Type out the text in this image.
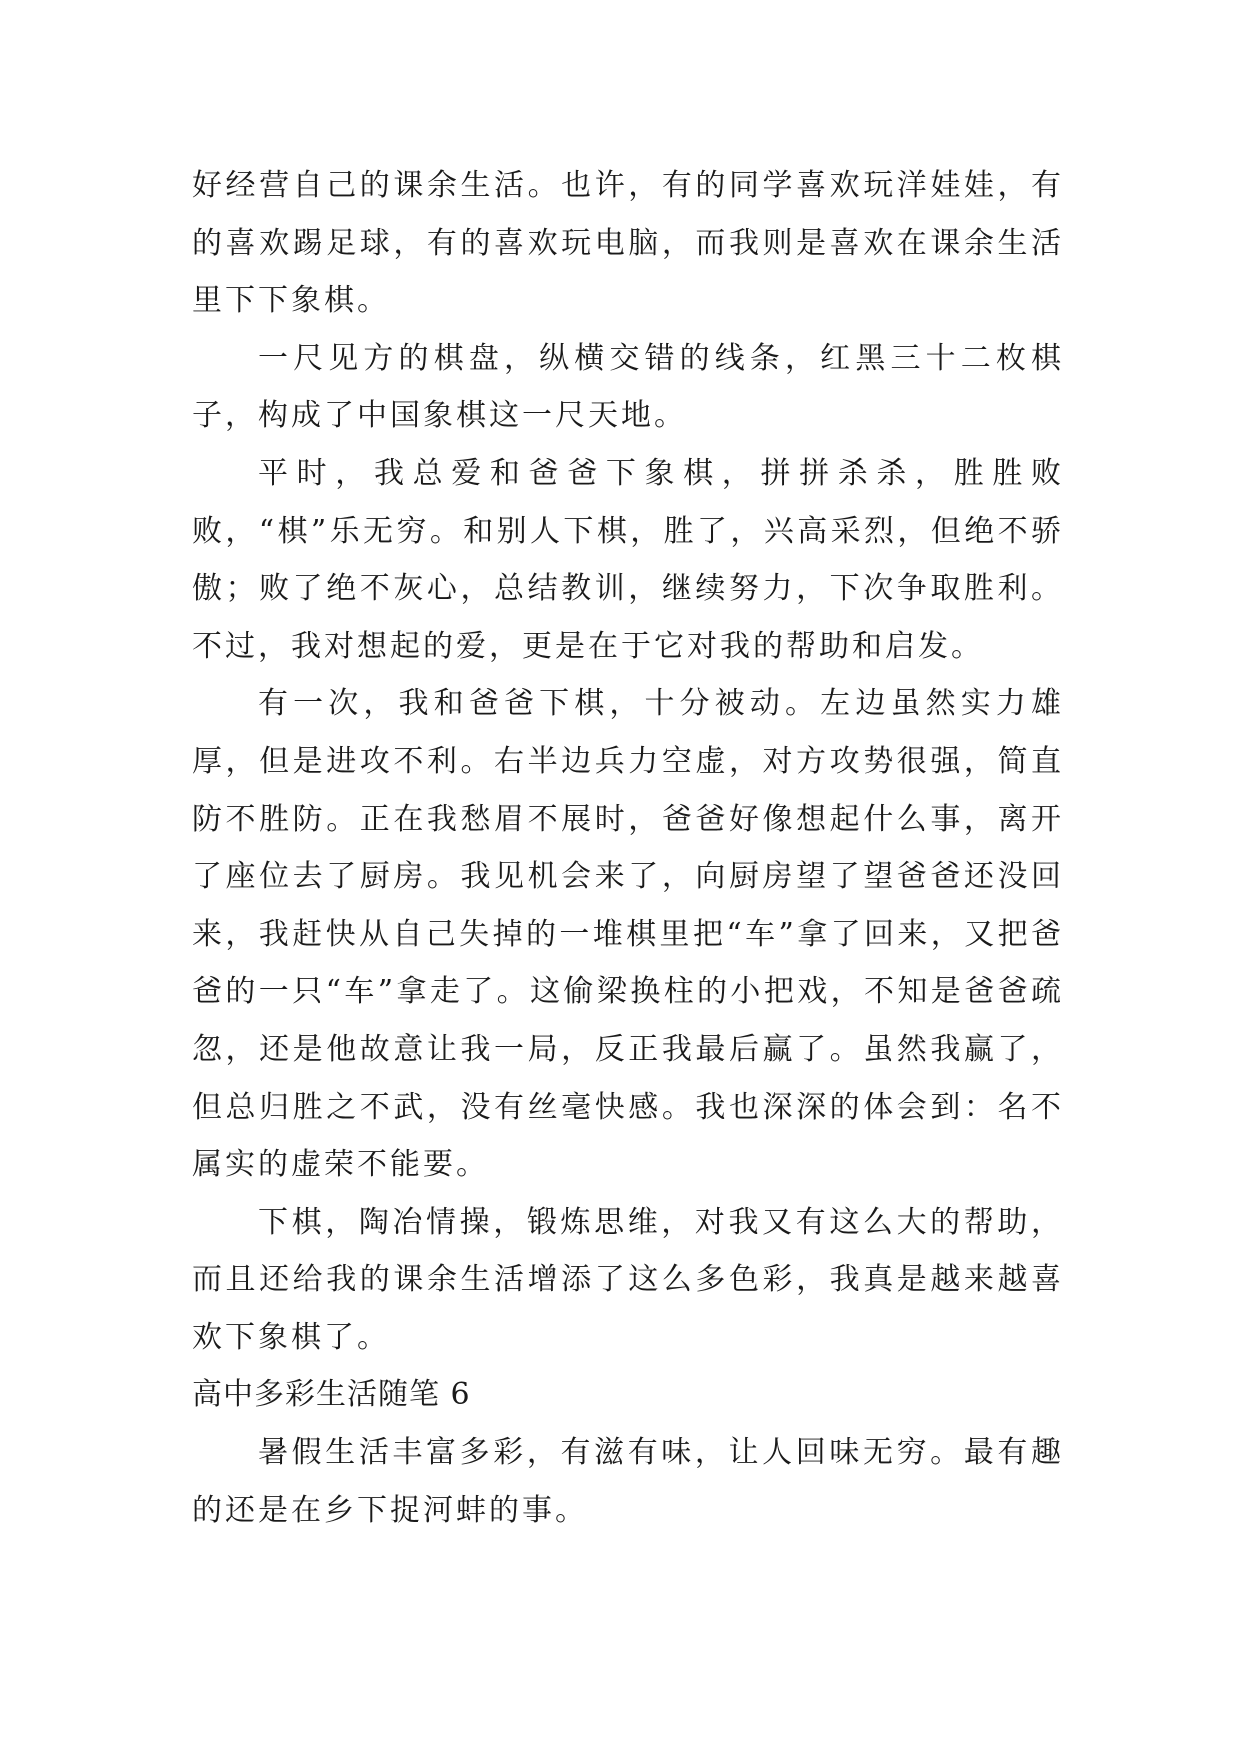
好经营自己的课余生活。也许，有的同学喜欢玩洋娃娃，有的喜欢踢足球，有的喜欢玩电脑，而我则是喜欢在课余生活里下下象棋。

一尺见方的棋盘，纵横交错的线条，红黑三十二枚棋子，构成了中国象棋这一尺天地。

平时，我总爱和爸爸下象棋，拼拼杀杀，胜胜败败，“棋”乐无穷。和别人下棋，胜了，兴高采烈，但绝不骄傲；败了绝不灰心，总结教训，继续努力，下次争取胜利。不过，我对想起的爱，更是在于它对我的帮助和启发。

有一次，我和爸爸下棋，十分被动。左边虽然实力雄厚，但是进攻不利。右半边兵力空虚，对方攻势很强，简直防不胜防。正在我愁眉不展时，爸爸好像想起什么事，离开了座位去了厨房。我见机会来了，向厨房望了望爸爸还没回来，我赶快从自己失掉的一堆棋里把“车”拿了回来，又把爸爸的一只“车”拿走了。这偷梁换柱的小把戏，不知是爸爸疏忽，还是他故意让我一局，反正我最后赢了。虽然我赢了，但总归胜之不武，没有丝毫快感。我也深深的体会到：名不属实的虚荣不能要。

下棋，陶冶情操，锻炼思维，对我又有这么大的帮助，而且还给我的课余生活增添了这么多色彩，我真是越来越喜欢下象棋了。

高中多彩生活随笔 6

暑假生活丰富多彩，有滋有味，让人回味无穷。最有趣的还是在乡下捉河蚌的事。
